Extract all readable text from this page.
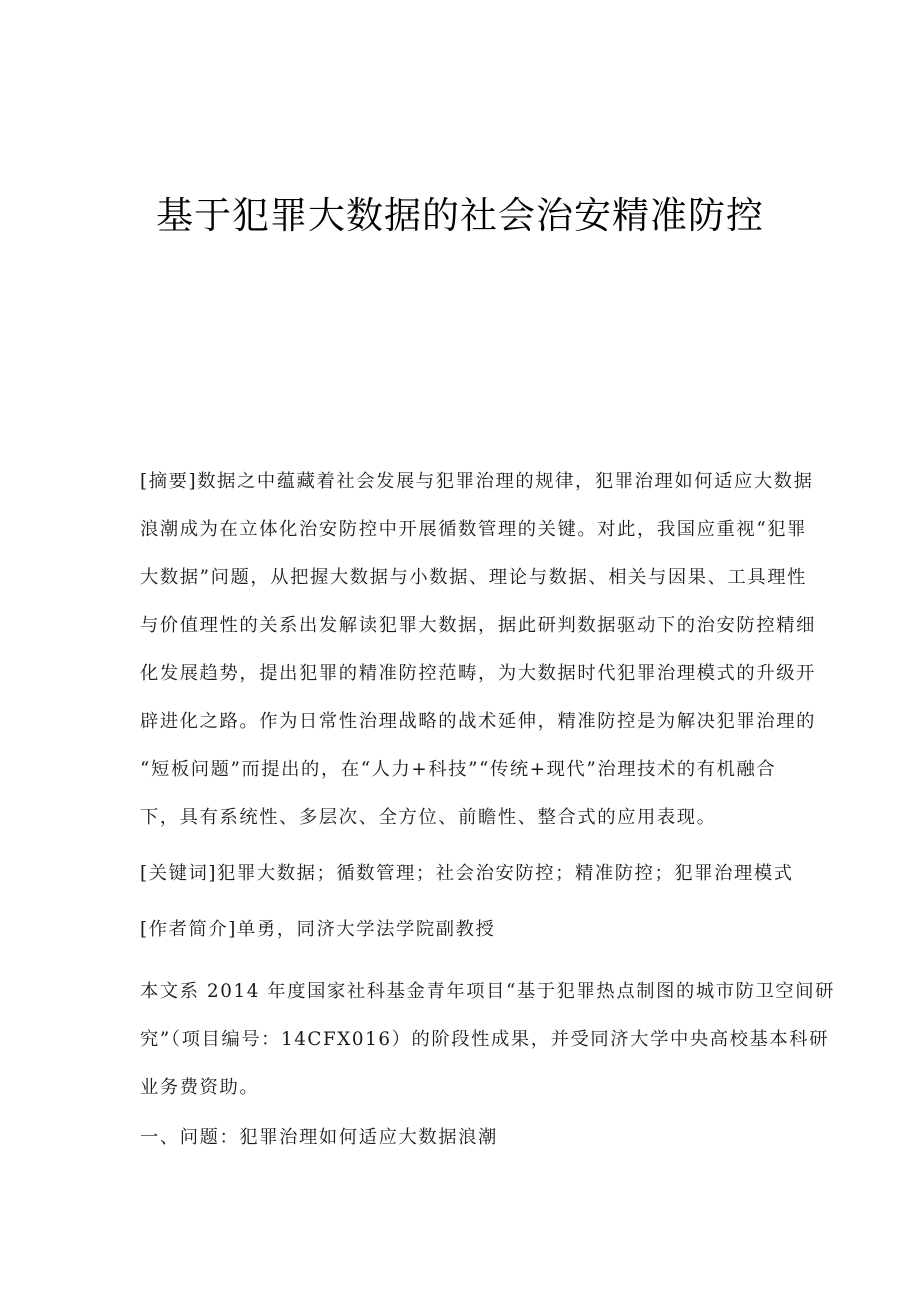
基于犯罪大数据的社会治安精准防控
[摘要]数据之中蕴藏着社会发展与犯罪治理的规律，犯罪治理如何适应大数据
浪潮成为在立体化治安防控中开展循数管理的关键。对此，我国应重视“犯罪
大数据”问题，从把握大数据与小数据、理论与数据、相关与因果、工具理性
与价值理性的关系出发解读犯罪大数据，据此研判数据驱动下的治安防控精细
化发展趋势，提出犯罪的精准防控范畴，为大数据时代犯罪治理模式的升级开
辟进化之路。作为日常性治理战略的战术延伸，精准防控是为解决犯罪治理的
“短板问题”而提出的，在“人力+科技”“传统+现代”治理技术的有机融合
下，具有系统性、多层次、全方位、前瞻性、整合式的应用表现。
[关键词]犯罪大数据；循数管理；社会治安防控；精准防控；犯罪治理模式
[作者简介]单勇，同济大学法学院副教授
本文系 2014 年度国家社科基金青年项目“基于犯罪热点制图的城市防卫空间研
究”（项目编号：14CFX016）的阶段性成果，并受同济大学中央高校基本科研
业务费资助。
一、问题：犯罪治理如何适应大数据浪潮
